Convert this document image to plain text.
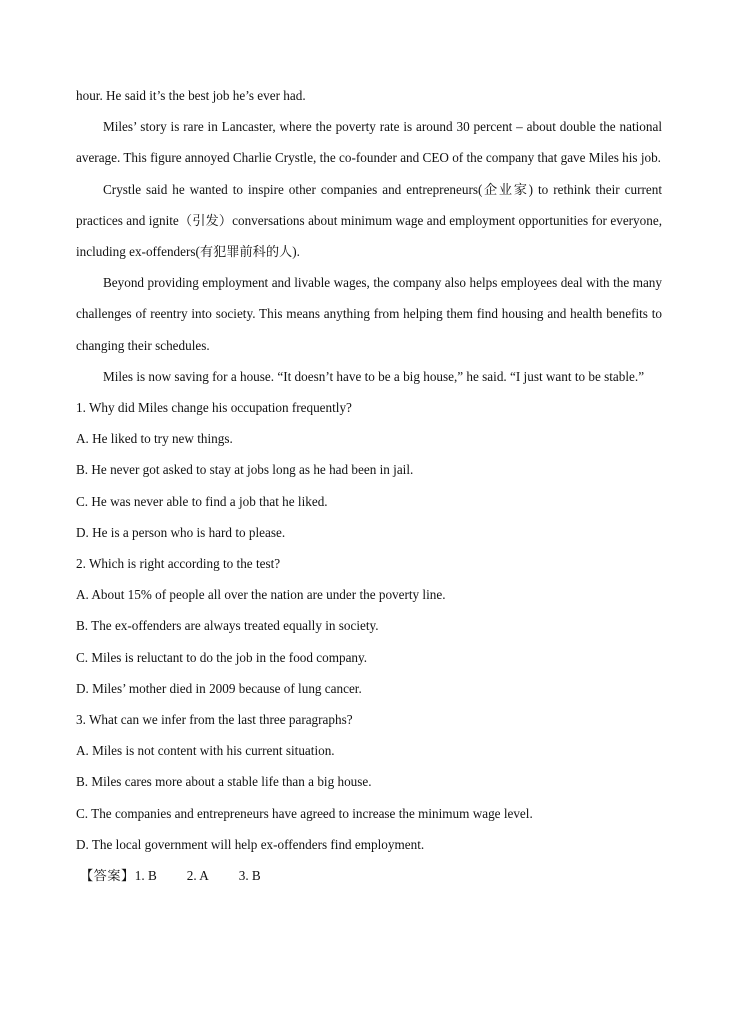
hour. He said it’s the best job he’s ever had.

Miles’ story is rare in Lancaster, where the poverty rate is around 30 percent – about double the national average. This figure annoyed Charlie Crystle, the co-founder and CEO of the company that gave Miles his job.

Crystle said he wanted to inspire other companies and entrepreneurs(企业家) to rethink their current practices and ignite（引发）conversations about minimum wage and employment opportunities for everyone, including ex-offenders(有犯罪前科的人).

Beyond providing employment and livable wages, the company also helps employees deal with the many challenges of reentry into society. This means anything from helping them find housing and health benefits to changing their schedules.

Miles is now saving for a house. “It doesn’t have to be a big house,” he said. “I just want to be stable.”

1. Why did Miles change his occupation frequently?

A. He liked to try new things.

B. He never got asked to stay at jobs long as he had been in jail.

C. He was never able to find a job that he liked.

D. He is a person who is hard to please.

2. Which is right according to the test?

A. About 15% of people all over the nation are under the poverty line.

B. The ex-offenders are always treated equally in society.

C. Miles is reluctant to do the job in the food company.

D. Miles’ mother died in 2009 because of lung cancer.

3. What can we infer from the last three paragraphs?

A. Miles is not content with his current situation.

B. Miles cares more about a stable life than a big house.

C. The companies and entrepreneurs have agreed to increase the minimum wage level.

D. The local government will help ex-offenders find employment.

【答案】1. B 2. A 3. B
